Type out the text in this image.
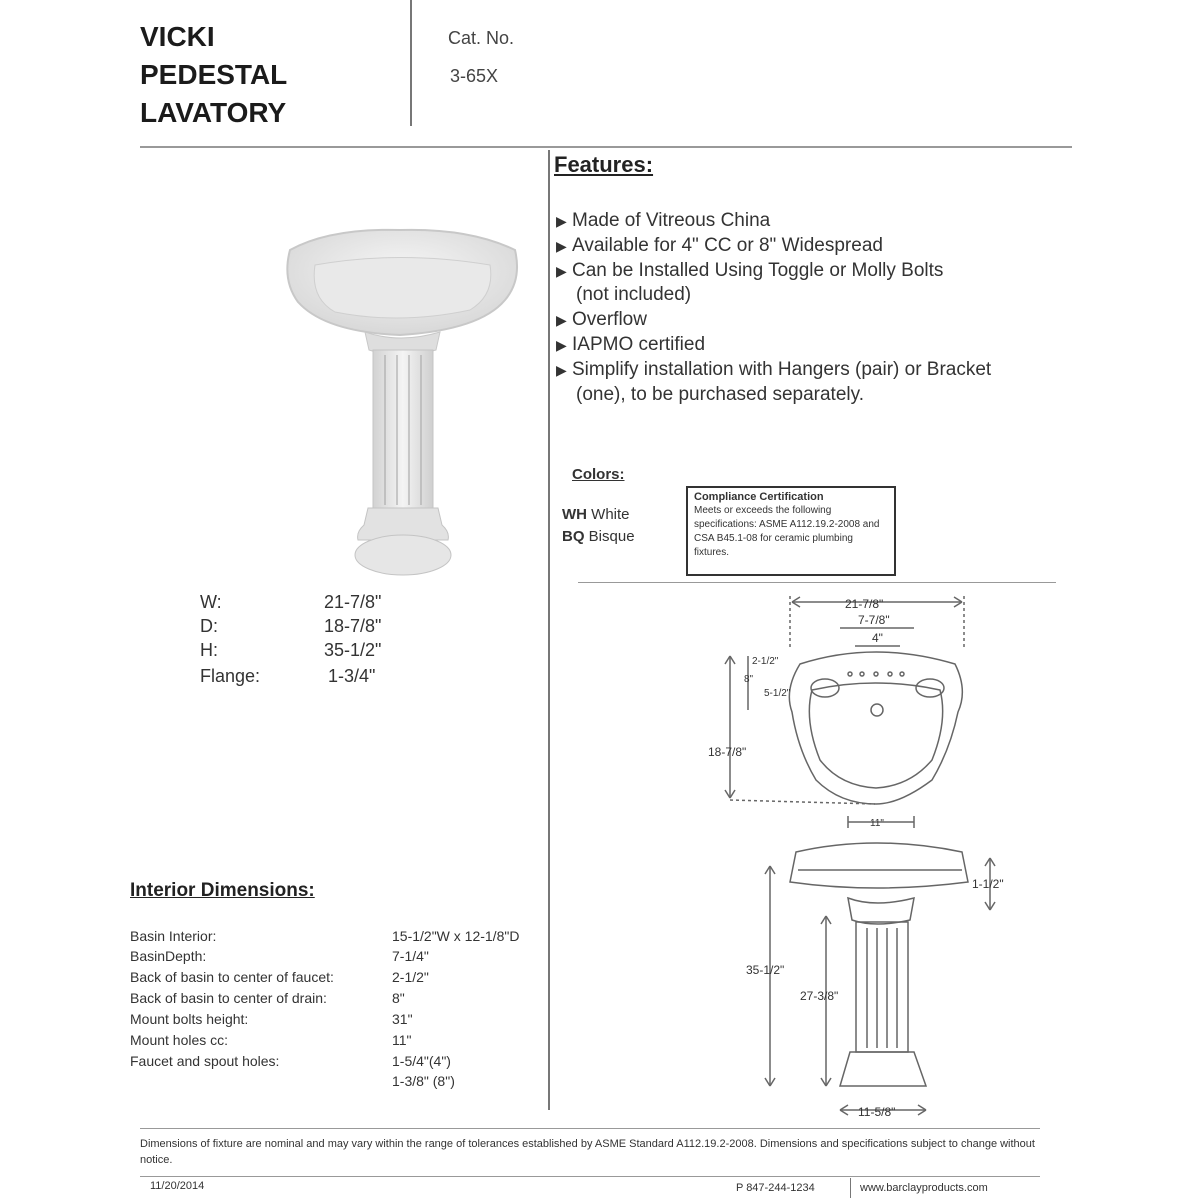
VICKI
PEDESTAL
LAVATORY
Cat. No.
3-65X
W:	21-7/8"
D:	18-7/8"
H:	35-1/2"
Flange:	1-3/4"
Features:
▶ Made of Vitreous China
▶ Available for 4" CC or 8" Widespread
▶ Can be Installed Using Toggle or Molly Bolts
(not included)
▶ Overflow
▶ IAPMO certified
▶ Simplify installation with Hangers (pair) or Bracket
(one), to be purchased separately.
Colors:
WH White
BQ Bisque
Compliance Certification
Meets or exceeds the following specifications: ASME A112.19.2-2008 and CSA B45.1-08 for ceramic plumbing fixtures.
21-7/8"
7-7/8"
4"
2-1/2"
8"
5-1/2"
18-7/8"
11"
1-1/2"
35-1/2"
27-3/8"
11-5/8"
Interior Dimensions:
Basin Interior:	15-1/2"W x 12-1/8"D
BasinDepth:	7-1/4"
Back of basin to center of faucet:	2-1/2"
Back of basin to center of drain:	8"
Mount bolts height:	31"
Mount holes cc:	11"
Faucet and spout holes:	1-5/4"(4")
1-3/8" (8")
Dimensions of fixture are nominal and may vary within the range of tolerances established by ASME Standard A112.19.2-2008. Dimensions and specifications subject to change without notice.
11/20/2014	P 847-244-1234	www.barclayproducts.com
